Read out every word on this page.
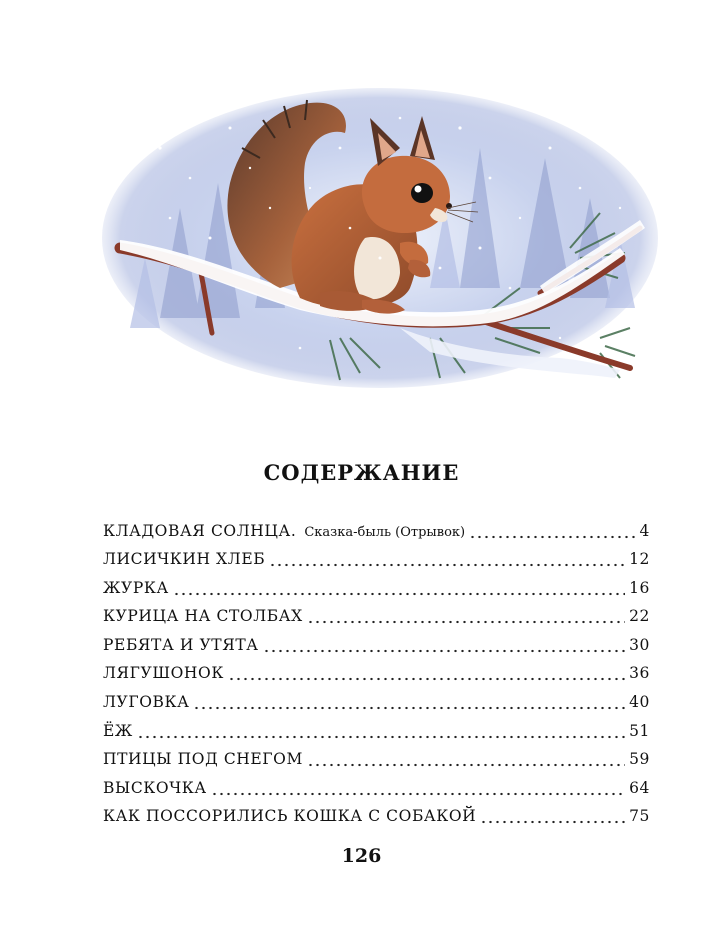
СОДЕРЖАНИЕ
КЛАДОВАЯ СОЛНЦА. Сказка-быль (Отрывок)	4
ЛИСИЧКИН ХЛЕБ	12
ЖУРКА	16
КУРИЦА НА СТОЛБАХ	22
РЕБЯТА И УТЯТА	30
ЛЯГУШОНОК	36
ЛУГОВКА	40
ЁЖ	51
ПТИЦЫ ПОД СНЕГОМ	59
ВЫСКОЧКА	64
КАК ПОССОРИЛИСЬ КОШКА С СОБАКОЙ	75
126
